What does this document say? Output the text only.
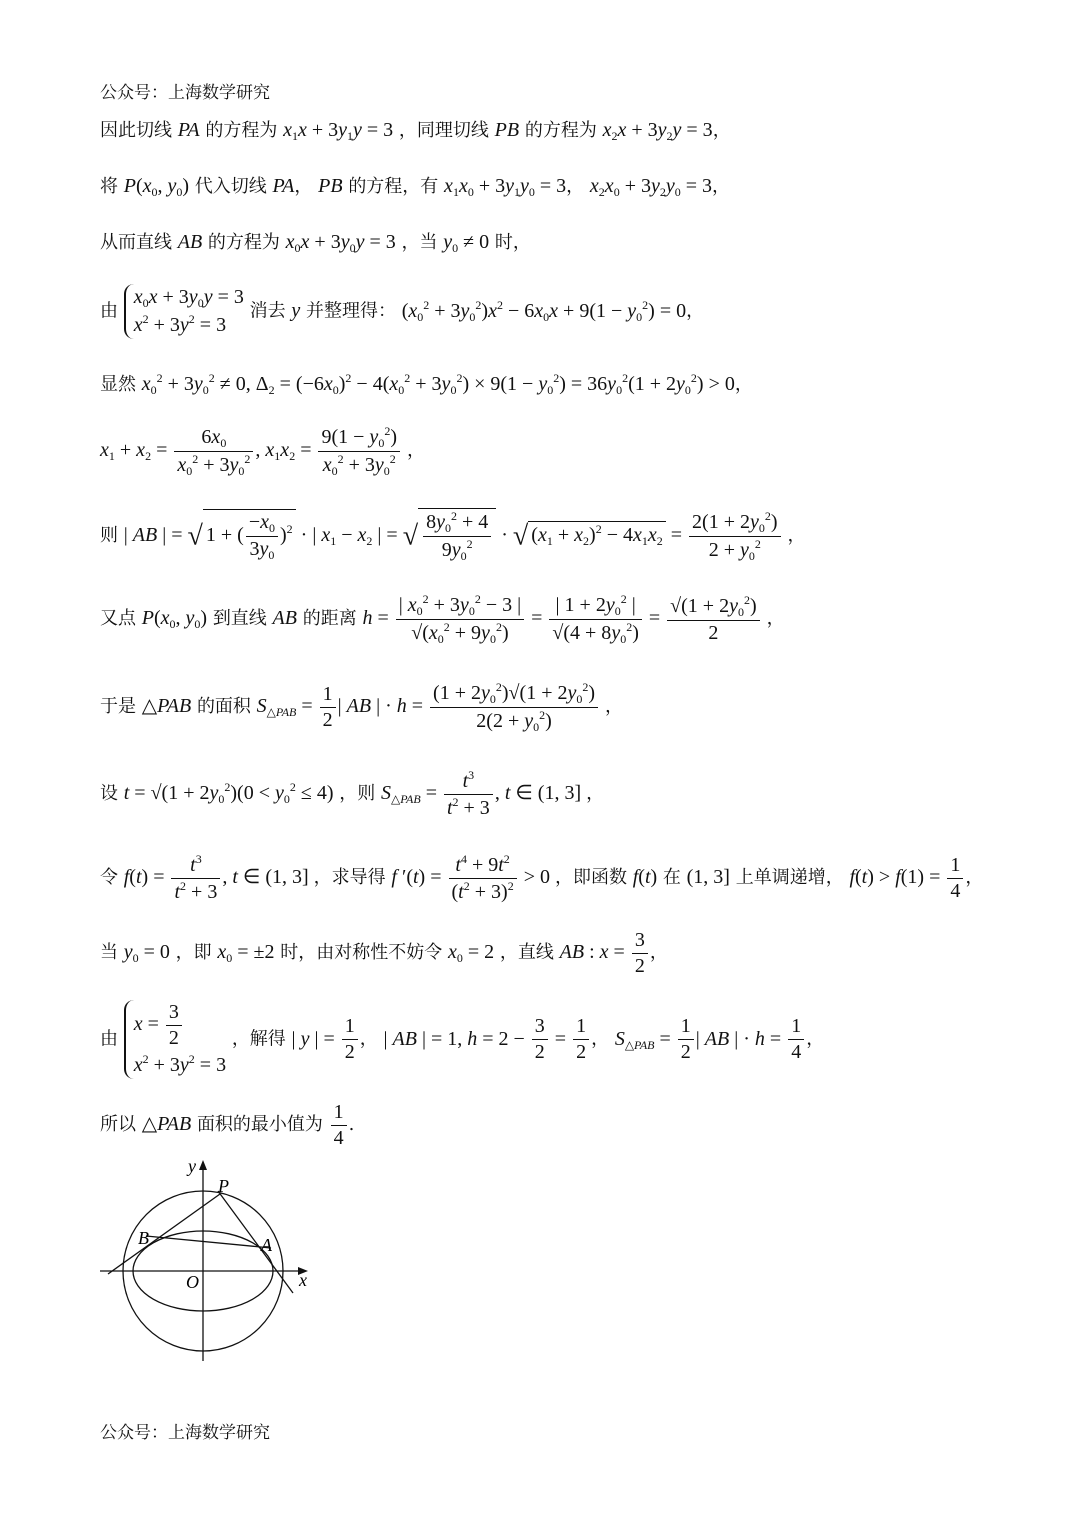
公众号：上海数学研究
因此切线 PA 的方程为 $x_1x + 3y_1y = 3$ ，同理切线 PB 的方程为 $x_2x + 3y_2y = 3$，
将 $P(x_0$, $y_0$) 代入切线 PA， PB 的方程，有 $x_1x_0 + 3y_1y_0 = 3$， $x_2x_0 + 3y_2y_0 = 3$，
从而直线 AB 的方程为 $x_0x + 3y_0y = 3$ ，当 $y_0 \ne 0$ 时，
由
$x_0x + 3y_0y = 3$
$x^2 + 3y^2 = 3$
消去 y 并整理得： $(x_0^2 + 3y_0^2)x^2 - 6x_0x + 9(1 - y_0^2) = 0$，
显然 $x_0^2 + 3y_0^2 \ne 0$, $\Delta_2 = (-6x_0)^2 - 4(x_0^2 + 3y_0^2) \times 9(1 - y_0^2) = 36y_0^2(1 + 2y_0^2) > 0$，
$x_1 + x_2 = \frac{6x_0}{x_0^2 + 3y_0^2}$ , $x_1x_2 = \frac{9(1 - y_0^2)}{x_0^2 + 3y_0^2}$ ，
则 | AB | = √ 1 + ( $\frac{-x_0}{3y_0} )^2$ · | $x_1 - x_2$ | = √ $\frac{8y_0^2 + 4}{9y_0^2}$ · √ $(x_1 + x_2)^2 - 4x_1x_2 = \frac{2(1 + 2y_0^2)}{2 + y_0^2}$ ，
又点 $P(x_0$, $y_0$) 到直线 AB 的距离 $h = \frac{| x_0^2 + 3y_0^2 - 3 |}{√(x_0^2 + 9y_0^2)} = \frac{| 1 + 2y_0^2 |}{√(4 + 8y_0^2)} = \frac{√(1 + 2y_0^2)}{2}$ ，
于是 △PAB 的面积 $S_{\triangle PAB} = \frac{1}{2}$ | AB | · $h = \frac{(1 + 2y_0^2)√(1 + 2y_0^2)}{2(2 + y_0^2)}$ ，
设 $t = √(1 + 2y_0^2)(0 < y_0^2 \le 4)$ ，则 $S_{\triangle PAB} = \frac{t^3}{t^2 + 3}$ , t ∈ (1, 3] ，
令 $f(t) = \frac{t^3}{t^2 + 3}$ , t ∈ (1, 3] ，求导得 f $'(t) = \frac{t^4 + 9t^2}{(t^2 + 3)^2} > 0$ ，即函数 f(t) 在 (1, 3] 上单调递增， $f(t) > f(1) = \frac{1}{4}$ ，
当 $y_0 = 0$ ，即 $x_0 = \pm 2$ 时，由对称性不妨令 $x_0 = 2$ ，直线 AB : $x = \frac{3}{2}$ ，
由
$x = \frac{3}{2}$
$x^2 + 3y^2 = 3$
，解得 | y | = $\frac{1}{2}$ ， | AB | = 1, $h = 2 - \frac{3}{2} = \frac{1}{2}$ ， $S_{\triangle PAB} = \frac{1}{2}$ | AB | · $h = \frac{1}{4}$ ，
所以 △PAB 面积的最小值为 $\frac{1}{4}$ .
y
x
P
A
B
O
公众号：上海数学研究
